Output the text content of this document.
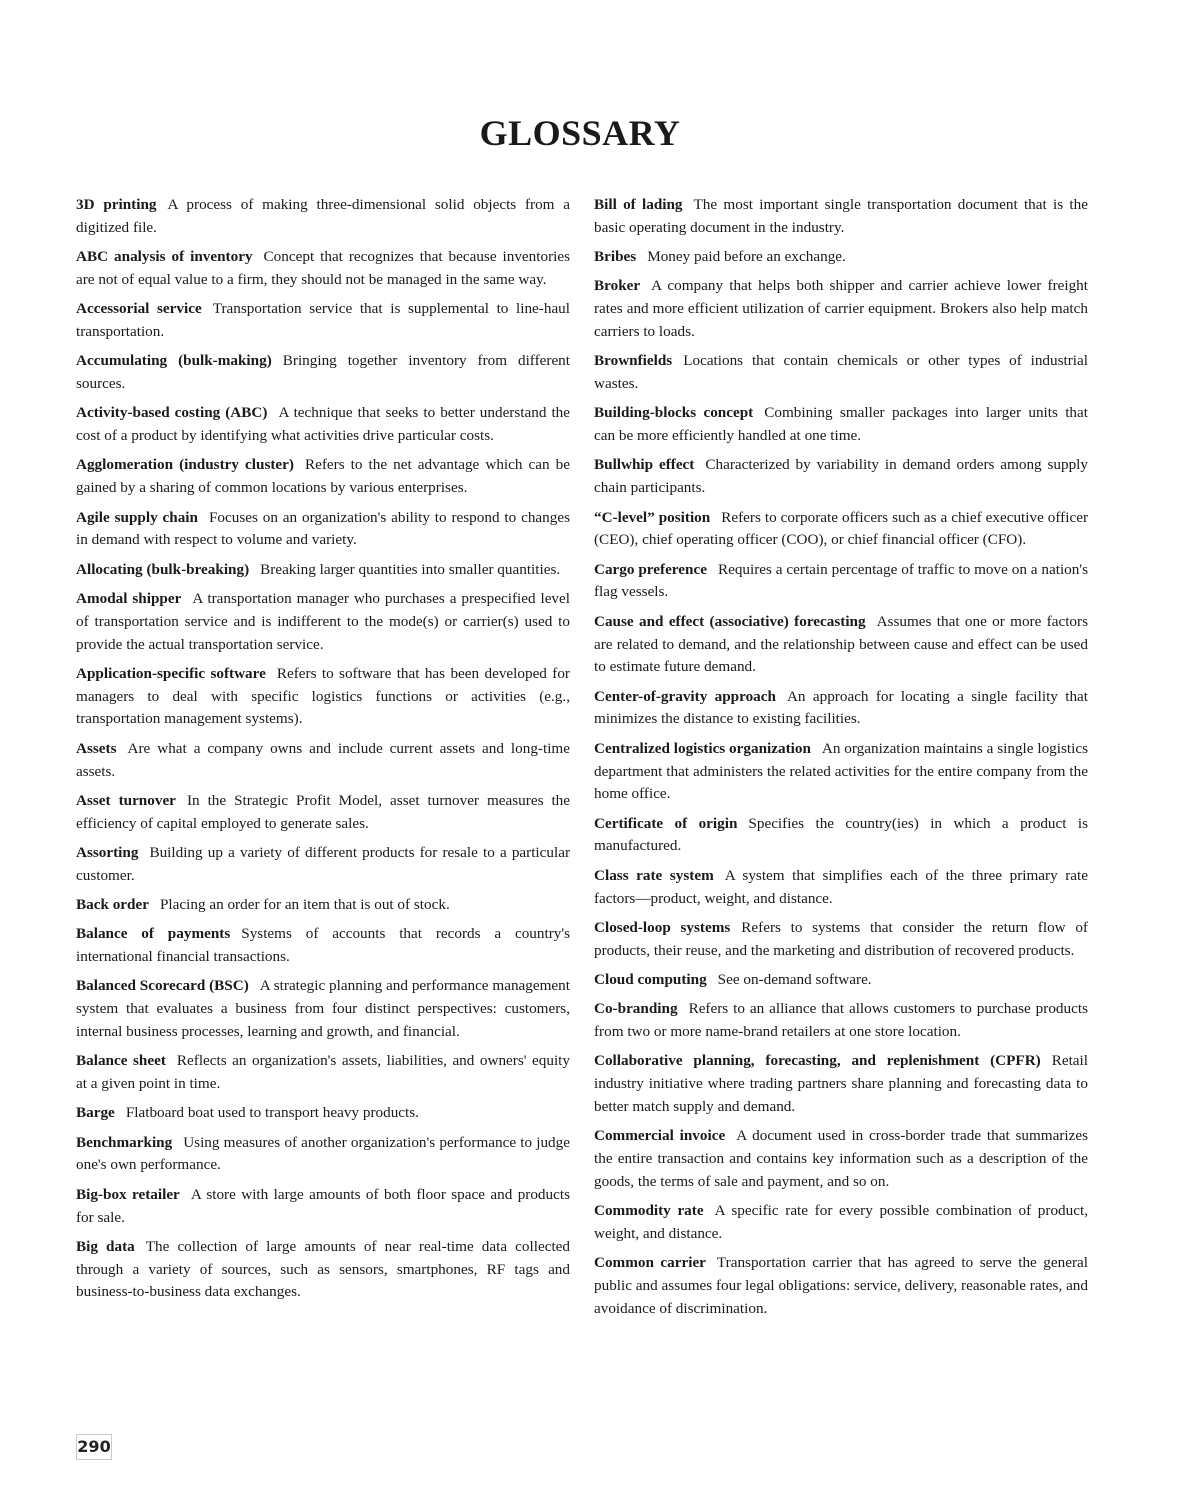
GLOSSARY

3D printing A process of making three-dimensional solid objects from a digitized file.

ABC analysis of inventory Concept that recognizes that because inventories are not of equal value to a firm, they should not be managed in the same way.

Accessorial service Transportation service that is supplemental to line-haul transportation.

Accumulating (bulk-making) Bringing together inventory from different sources.

Activity-based costing (ABC) A technique that seeks to better understand the cost of a product by identifying what activities drive particular costs.

Agglomeration (industry cluster) Refers to the net advantage which can be gained by a sharing of common locations by various enterprises.

Agile supply chain Focuses on an organization's ability to respond to changes in demand with respect to volume and variety.

Allocating (bulk-breaking) Breaking larger quantities into smaller quantities.

Amodal shipper A transportation manager who purchases a prespecified level of transportation service and is indifferent to the mode(s) or carrier(s) used to provide the actual transportation service.

Application-specific software Refers to software that has been developed for managers to deal with specific logistics functions or activities (e.g., transportation management systems).

Assets Are what a company owns and include current assets and long-time assets.

Asset turnover In the Strategic Profit Model, asset turnover measures the efficiency of capital employed to generate sales.

Assorting Building up a variety of different products for resale to a particular customer.

Back order Placing an order for an item that is out of stock.

Balance of payments Systems of accounts that records a country's international financial transactions.

Balanced Scorecard (BSC) A strategic planning and performance management system that evaluates a business from four distinct perspectives: customers, internal business processes, learning and growth, and financial.

Balance sheet Reflects an organization's assets, liabilities, and owners' equity at a given point in time.

Barge Flatboard boat used to transport heavy products.

Benchmarking Using measures of another organization's performance to judge one's own performance.

Big-box retailer A store with large amounts of both floor space and products for sale.

Big data The collection of large amounts of near real-time data collected through a variety of sources, such as sensors, smartphones, RF tags and business-to-business data exchanges.

Bill of lading The most important single transportation document that is the basic operating document in the industry.

Bribes Money paid before an exchange.

Broker A company that helps both shipper and carrier achieve lower freight rates and more efficient utilization of carrier equipment. Brokers also help match carriers to loads.

Brownfields Locations that contain chemicals or other types of industrial wastes.

Building-blocks concept Combining smaller packages into larger units that can be more efficiently handled at one time.

Bullwhip effect Characterized by variability in demand orders among supply chain participants.

“C-level” position Refers to corporate officers such as a chief executive officer (CEO), chief operating officer (COO), or chief financial officer (CFO).

Cargo preference Requires a certain percentage of traffic to move on a nation's flag vessels.

Cause and effect (associative) forecasting Assumes that one or more factors are related to demand, and the relationship between cause and effect can be used to estimate future demand.

Center-of-gravity approach An approach for locating a single facility that minimizes the distance to existing facilities.

Centralized logistics organization An organization maintains a single logistics department that administers the related activities for the entire company from the home office.

Certificate of origin Specifies the country(ies) in which a product is manufactured.

Class rate system A system that simplifies each of the three primary rate factors—product, weight, and distance.

Closed-loop systems Refers to systems that consider the return flow of products, their reuse, and the marketing and distribution of recovered products.

Cloud computing See on-demand software.

Co-branding Refers to an alliance that allows customers to purchase products from two or more name-brand retailers at one store location.

Collaborative planning, forecasting, and replenishment (CPFR) Retail industry initiative where trading partners share planning and forecasting data to better match supply and demand.

Commercial invoice A document used in cross-border trade that summarizes the entire transaction and contains key information such as a description of the goods, the terms of sale and payment, and so on.

Commodity rate A specific rate for every possible combination of product, weight, and distance.

Common carrier Transportation carrier that has agreed to serve the general public and assumes four legal obligations: service, delivery, reasonable rates, and avoidance of discrimination.

290
